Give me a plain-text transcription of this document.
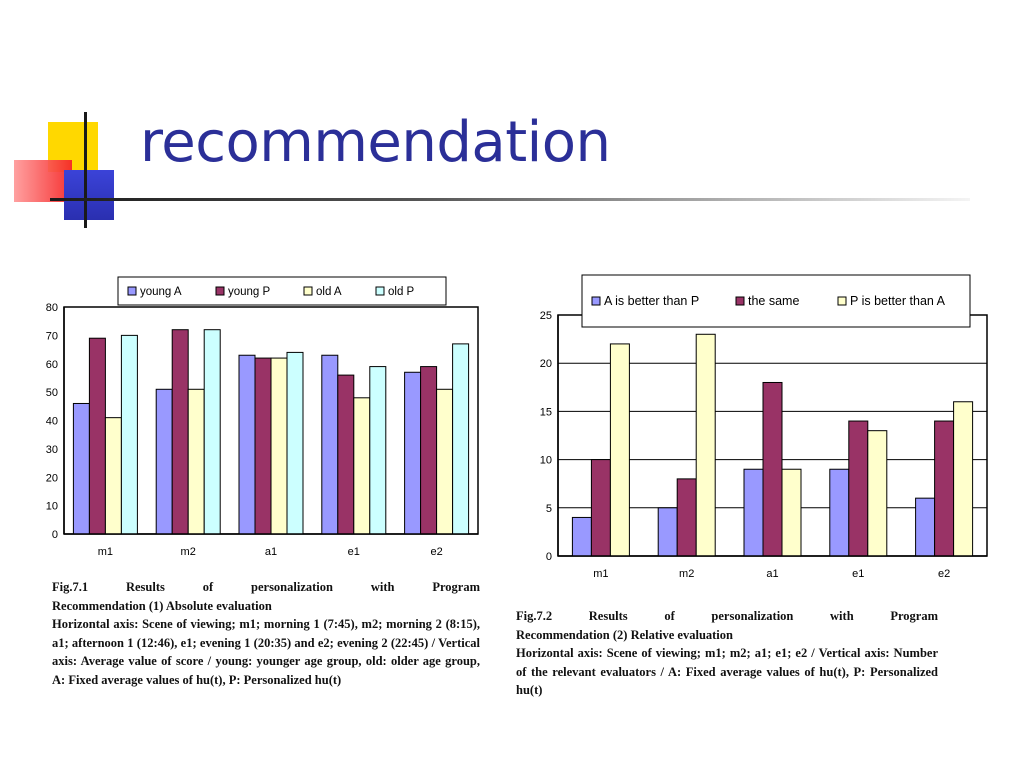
recommendation
0
10
20
30
40
50
60
70
80
m1	m2	a1	e1	e2
young A	young P	old A	old P
0
5
10
15
20
25
m1	m2	a1	e1	e2
A is better than P	the same	P is better than A
Fig.7.1 Results of personalization with Program
Recommendation (1) Absolute evaluation
Horizontal axis: Scene of viewing; m1; morning 1 (7:45), m2; morning 2 (8:15), a1; afternoon 1 (12:46), e1; evening 1 (20:35) and e2; evening 2 (22:45) / Vertical axis: Average value of score / young: younger age group, old: older age group, A: Fixed average values of hu(t), P: Personalized hu(t)
Fig.7.2 Results of personalization with Program
Recommendation (2) Relative evaluation
Horizontal axis: Scene of viewing; m1; m2; a1; e1; e2 / Vertical axis: Number of the relevant evaluators / A: Fixed average values of hu(t), P: Personalized hu(t)
